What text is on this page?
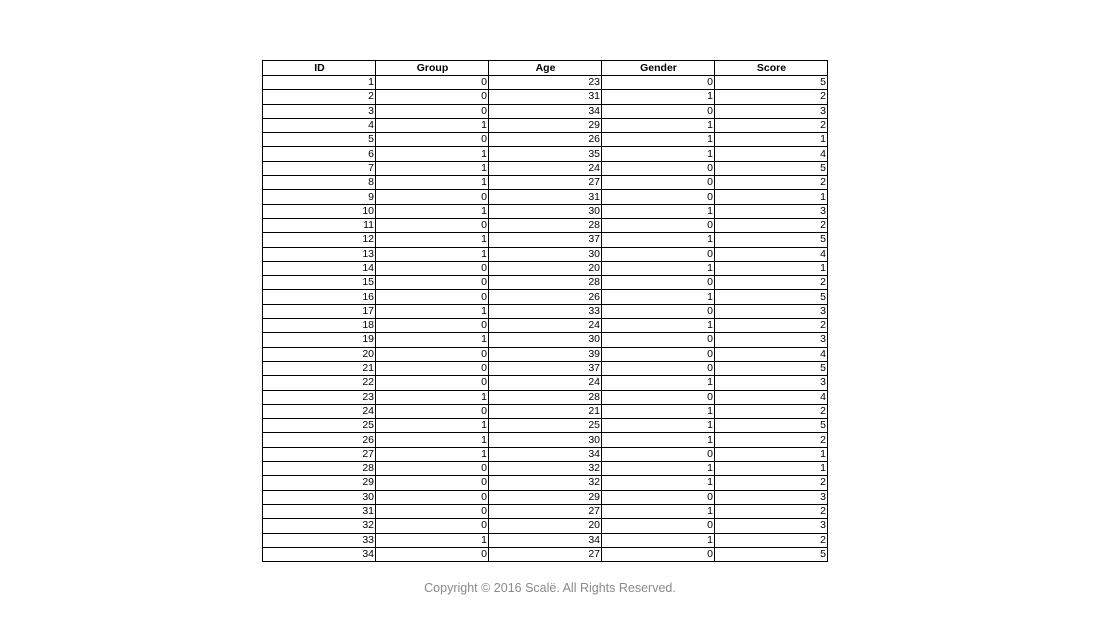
ID	Group	Age	Gender	Score
1	0	23	0	5
2	0	31	1	2
3	0	34	0	3
4	1	29	1	2
5	0	26	1	1
6	1	35	1	4
7	1	24	0	5
8	1	27	0	2
9	0	31	0	1
10	1	30	1	3
11	0	28	0	2
12	1	37	1	5
13	1	30	0	4
14	0	20	1	1
15	0	28	0	2
16	0	26	1	5
17	1	33	0	3
18	0	24	1	2
19	1	30	0	3
20	0	39	0	4
21	0	37	0	5
22	0	24	1	3
23	1	28	0	4
24	0	21	1	2
25	1	25	1	5
26	1	30	1	2
27	1	34	0	1
28	0	32	1	1
29	0	32	1	2
30	0	29	0	3
31	0	27	1	2
32	0	20	0	3
33	1	34	1	2
34	0	27	0	5
Copyright © 2016 Scalë. All Rights Reserved.
